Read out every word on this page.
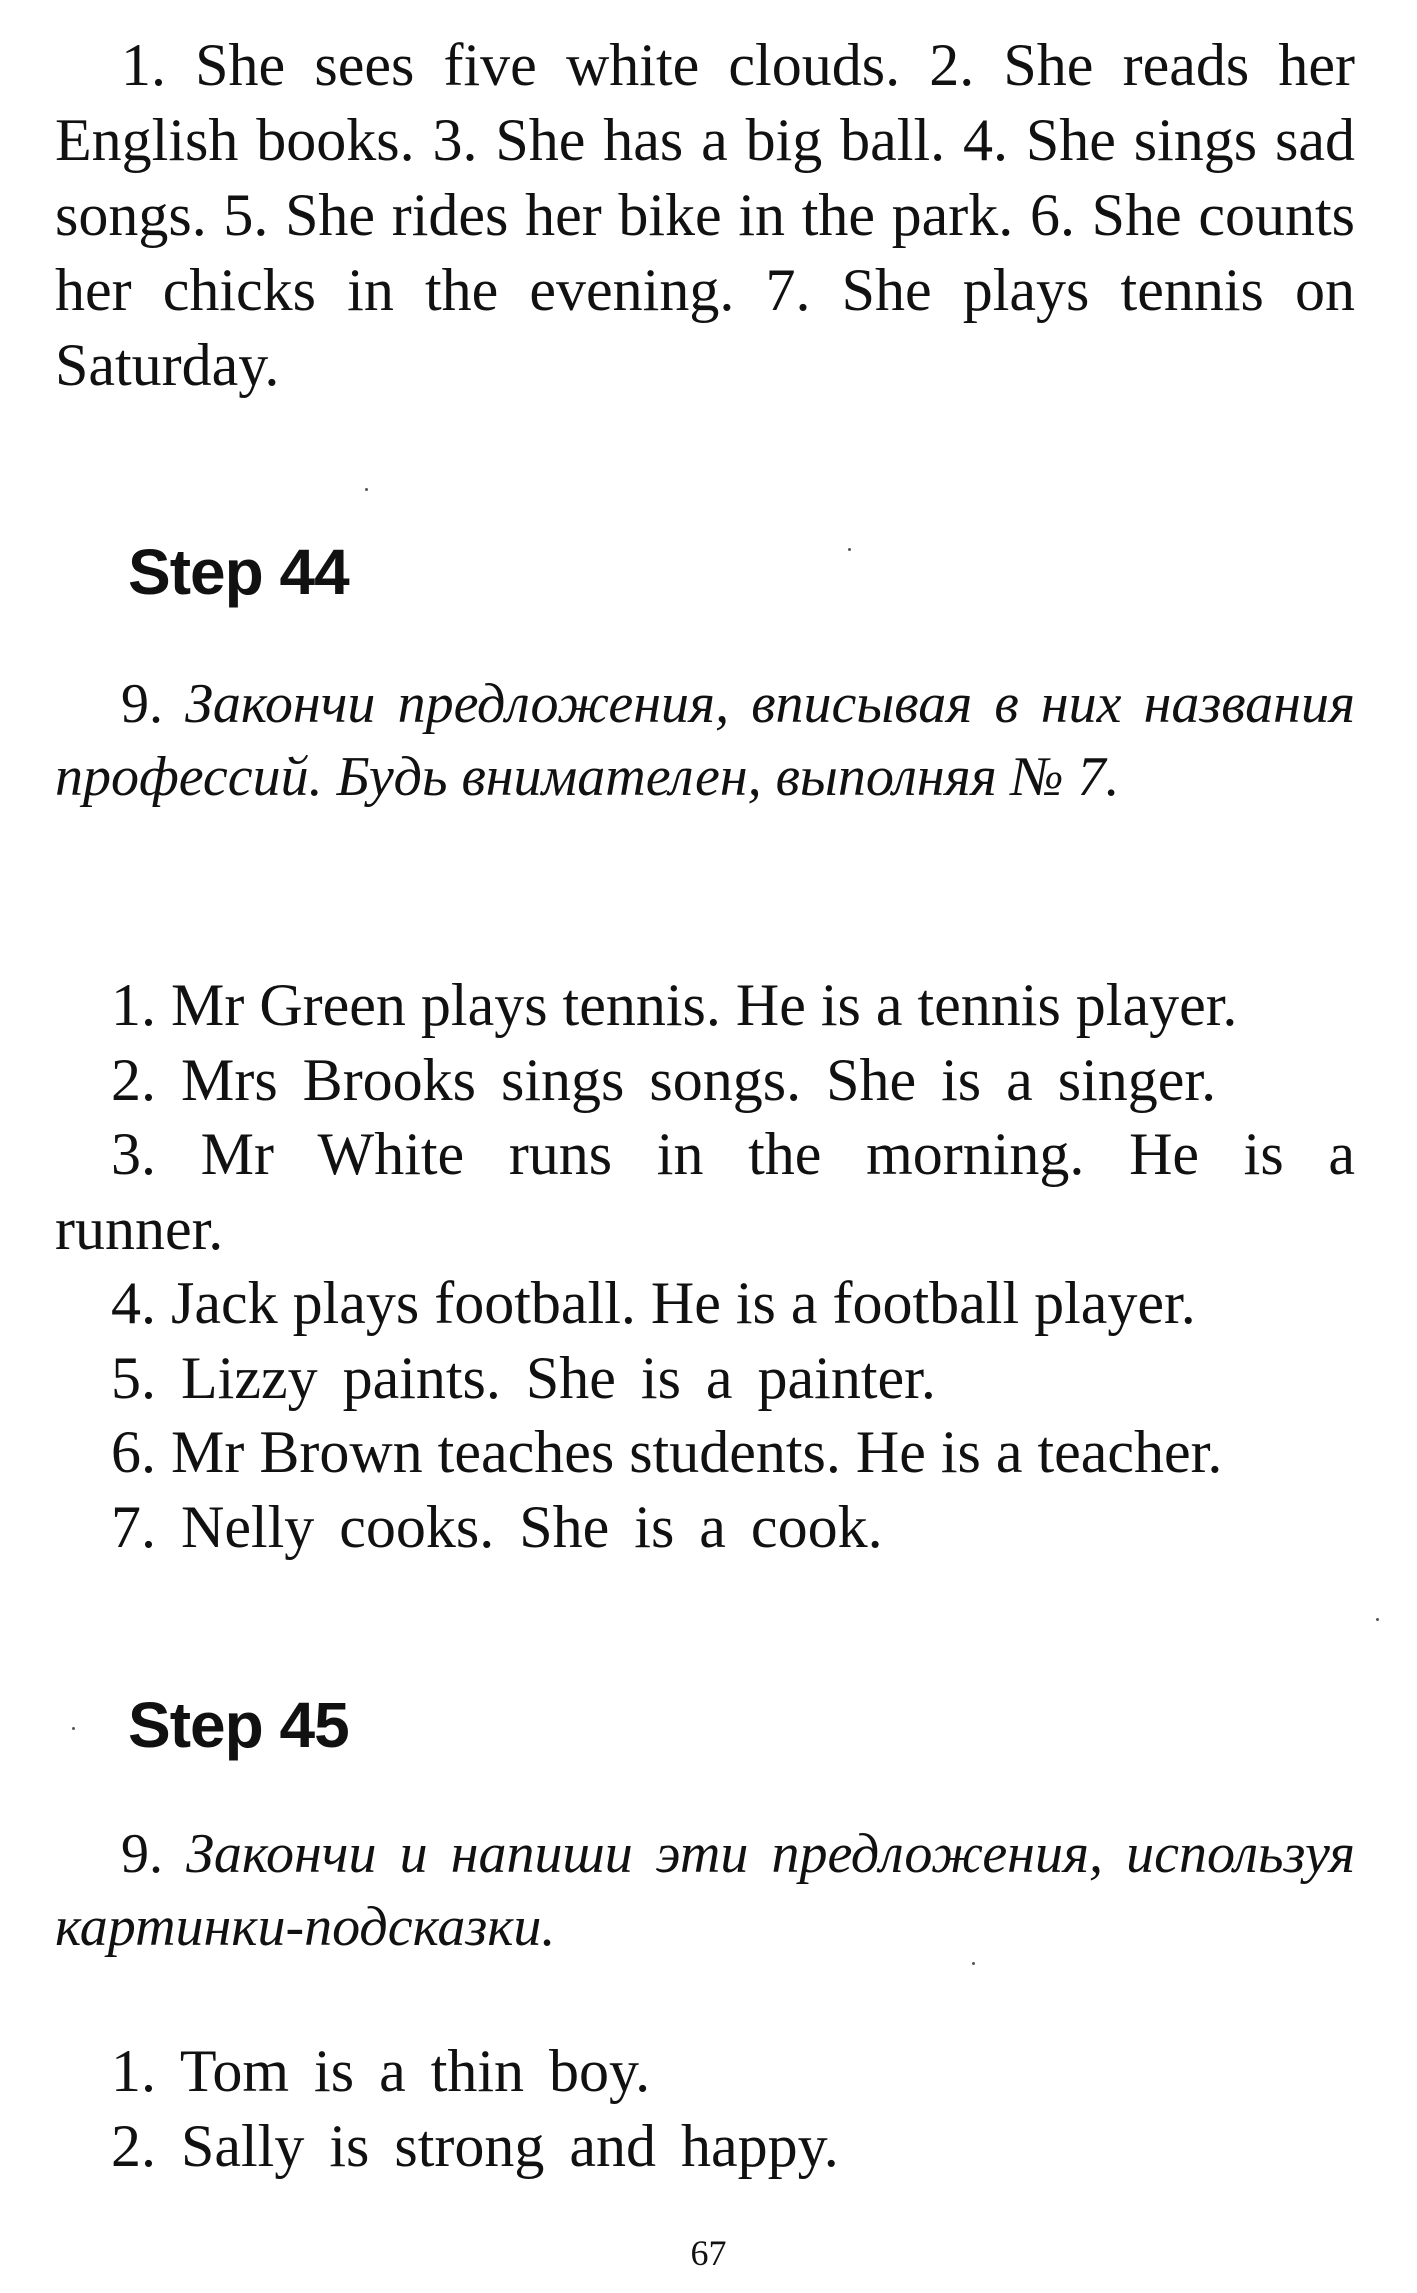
1. She sees five white clouds. 2. She reads her English books. 3. She has a big ball. 4. She sings sad songs. 5. She rides her bike in the park. 6. She counts her chicks in the evening. 7. She plays tennis on Saturday.

Step 44

9. Закончи предложения, вписывая в них названия профессий. Будь внимателен, выполняя № 7.

1. Mr Green plays tennis. He is a tennis player.
2. Mrs Brooks sings songs. She is a singer.
3. Mr White runs in the morning. He is a runner.
4. Jack plays football. He is a football player.
5. Lizzy paints. She is a painter.
6. Mr Brown teaches students. He is a teacher.
7. Nelly cooks. She is a cook.
Step 45

9. Закончи и напиши эти предложения, используя картинки-подсказки.

1. Tom is a thin boy.
2. Sally is strong and happy.

67
